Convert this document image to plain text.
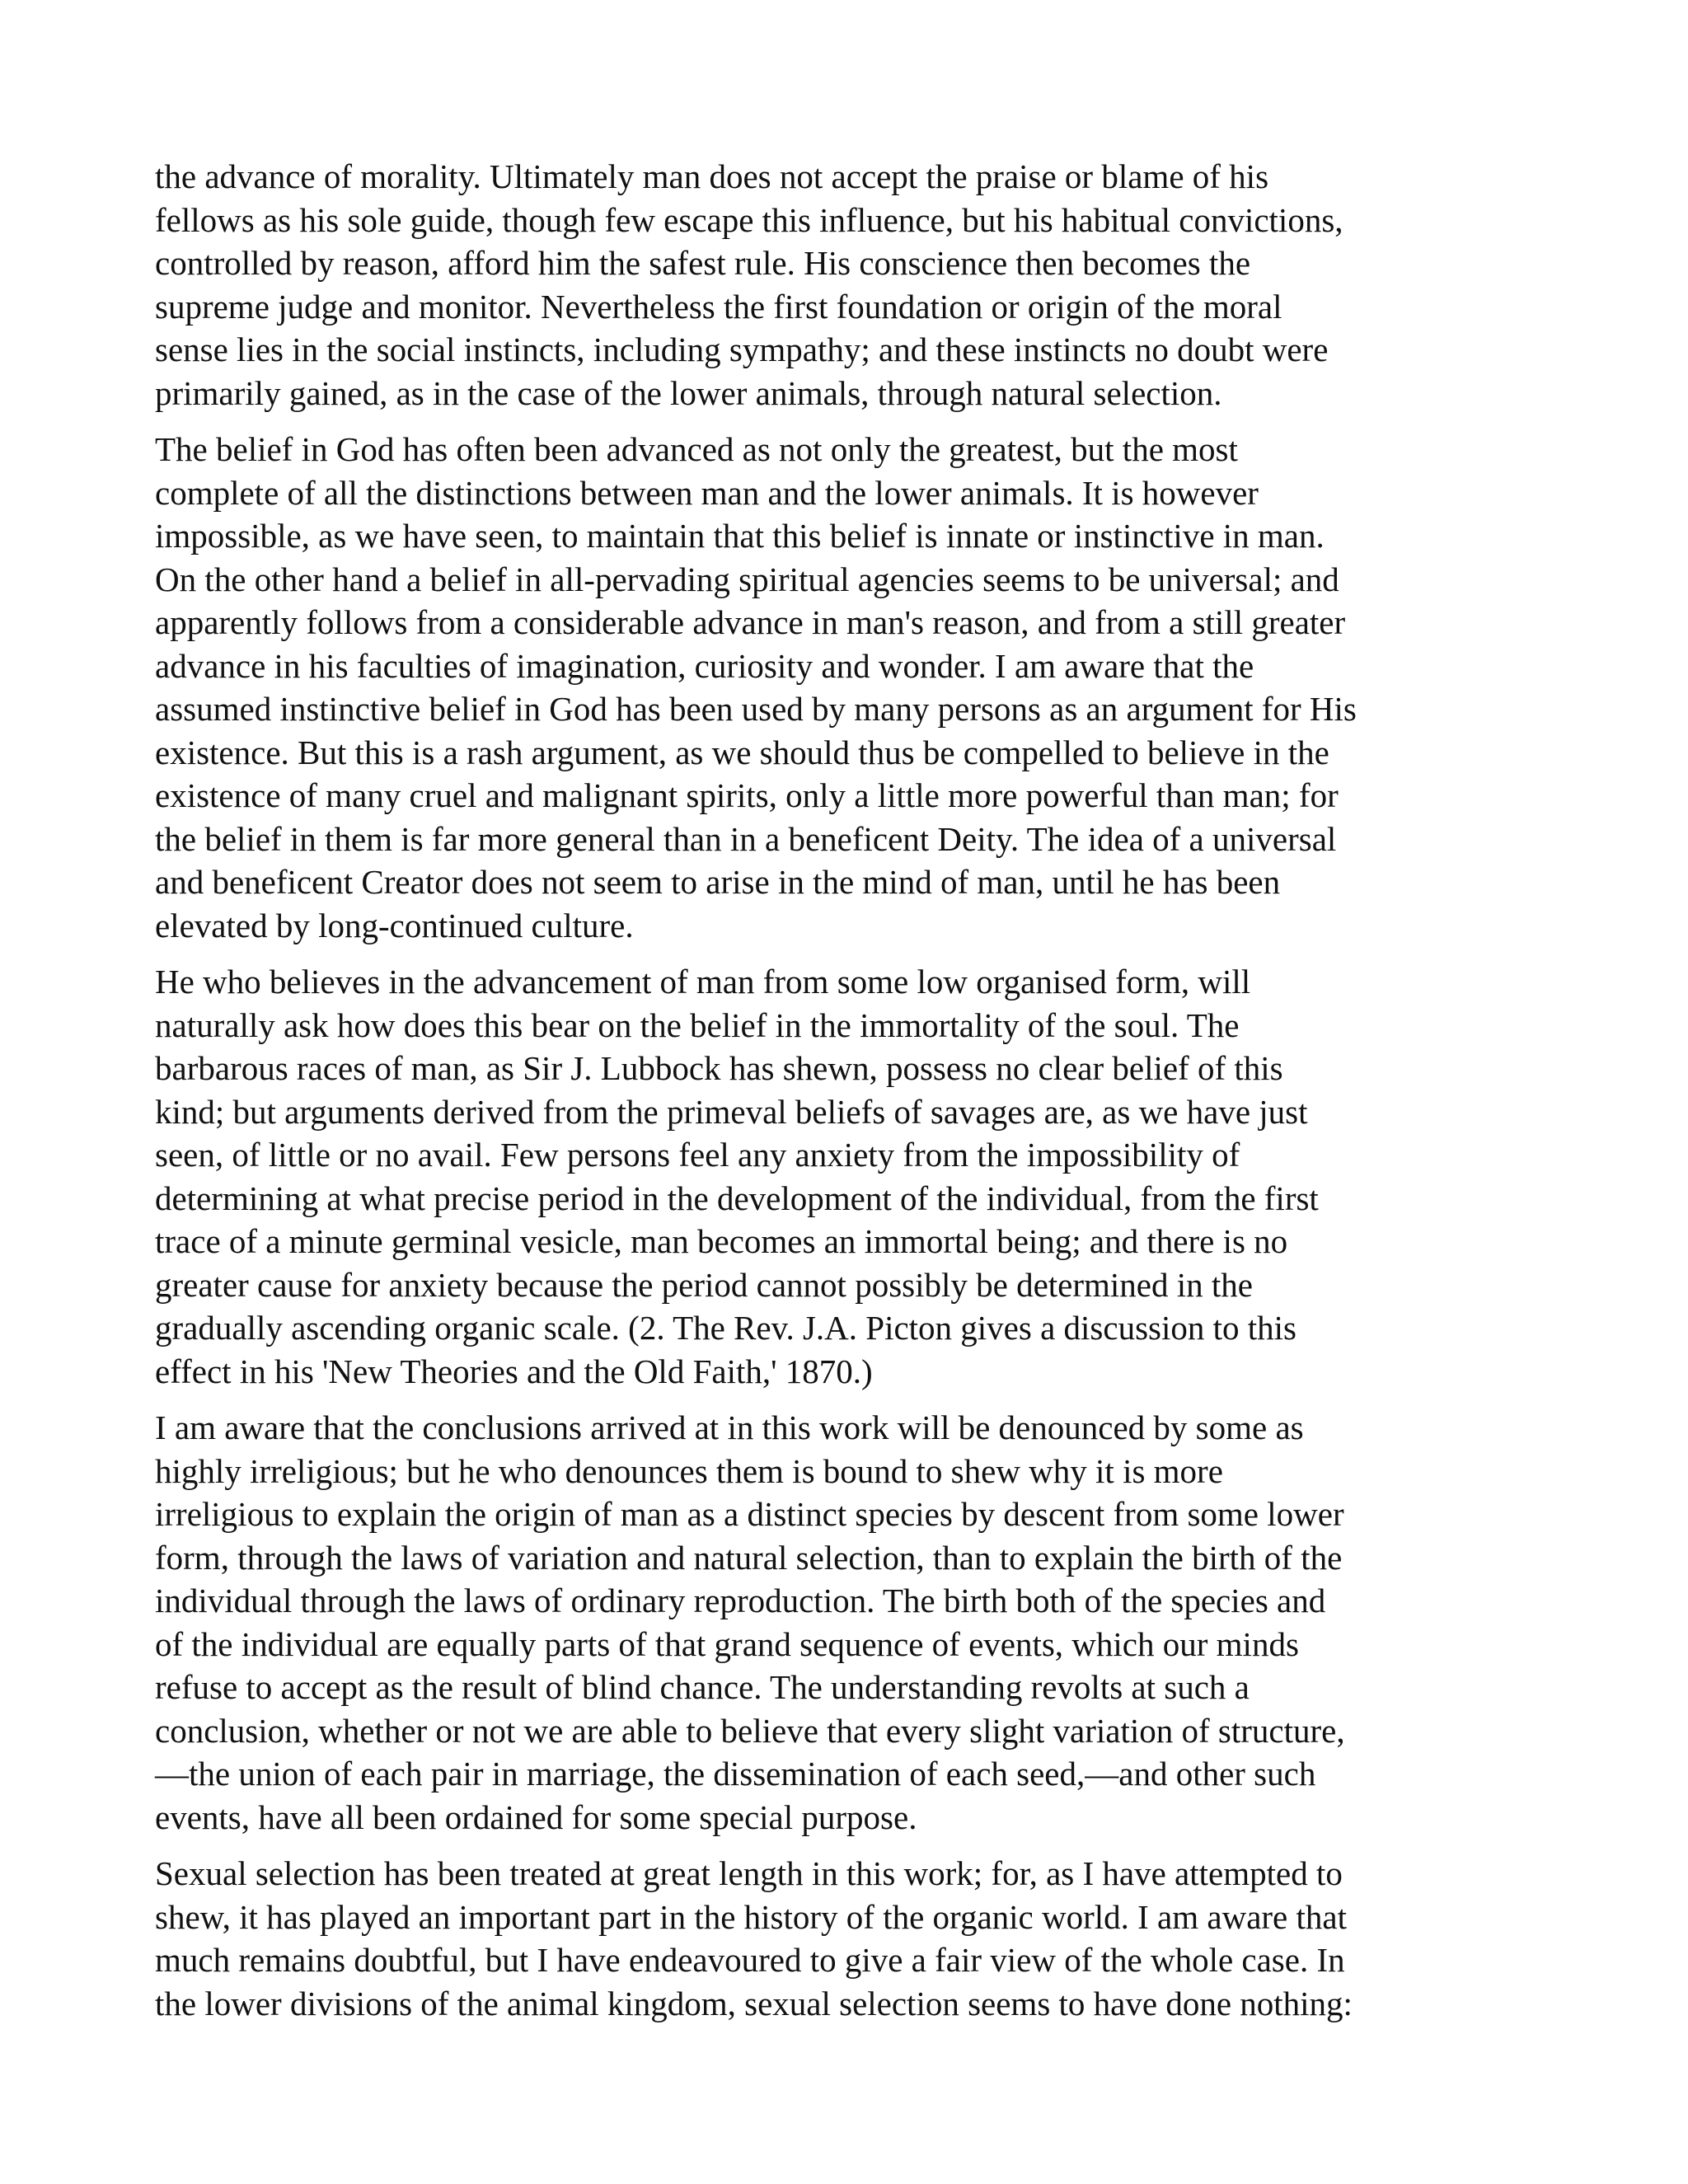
the advance of morality. Ultimately man does not accept the praise or blame of his
fellows as his sole guide, though few escape this influence, but his habitual convictions,
controlled by reason, afford him the safest rule. His conscience then becomes the
supreme judge and monitor. Nevertheless the first foundation or origin of the moral
sense lies in the social instincts, including sympathy; and these instincts no doubt were
primarily gained, as in the case of the lower animals, through natural selection.

The belief in God has often been advanced as not only the greatest, but the most
complete of all the distinctions between man and the lower animals. It is however
impossible, as we have seen, to maintain that this belief is innate or instinctive in man.
On the other hand a belief in all-pervading spiritual agencies seems to be universal; and
apparently follows from a considerable advance in man's reason, and from a still greater
advance in his faculties of imagination, curiosity and wonder. I am aware that the
assumed instinctive belief in God has been used by many persons as an argument for His
existence. But this is a rash argument, as we should thus be compelled to believe in the
existence of many cruel and malignant spirits, only a little more powerful than man; for
the belief in them is far more general than in a beneficent Deity. The idea of a universal
and beneficent Creator does not seem to arise in the mind of man, until he has been
elevated by long-continued culture.

He who believes in the advancement of man from some low organised form, will
naturally ask how does this bear on the belief in the immortality of the soul. The
barbarous races of man, as Sir J. Lubbock has shewn, possess no clear belief of this
kind; but arguments derived from the primeval beliefs of savages are, as we have just
seen, of little or no avail. Few persons feel any anxiety from the impossibility of
determining at what precise period in the development of the individual, from the first
trace of a minute germinal vesicle, man becomes an immortal being; and there is no
greater cause for anxiety because the period cannot possibly be determined in the
gradually ascending organic scale. (2. The Rev. J.A. Picton gives a discussion to this
effect in his 'New Theories and the Old Faith,' 1870.)

I am aware that the conclusions arrived at in this work will be denounced by some as
highly irreligious; but he who denounces them is bound to shew why it is more
irreligious to explain the origin of man as a distinct species by descent from some lower
form, through the laws of variation and natural selection, than to explain the birth of the
individual through the laws of ordinary reproduction. The birth both of the species and
of the individual are equally parts of that grand sequence of events, which our minds
refuse to accept as the result of blind chance. The understanding revolts at such a
conclusion, whether or not we are able to believe that every slight variation of structure,
—the union of each pair in marriage, the dissemination of each seed,—and other such
events, have all been ordained for some special purpose.

Sexual selection has been treated at great length in this work; for, as I have attempted to
shew, it has played an important part in the history of the organic world. I am aware that
much remains doubtful, but I have endeavoured to give a fair view of the whole case. In
the lower divisions of the animal kingdom, sexual selection seems to have done nothing:
